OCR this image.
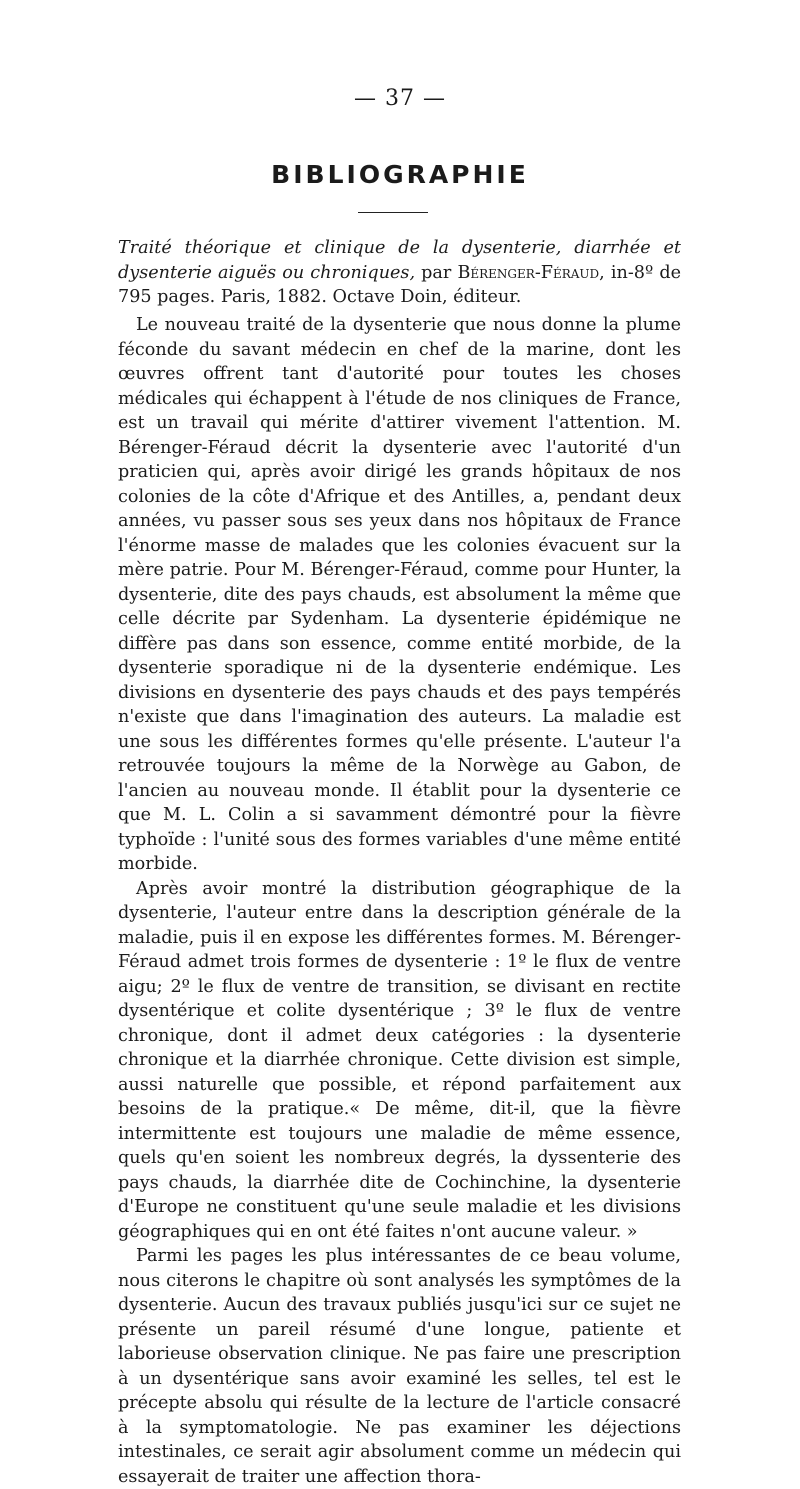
— 37 —
BIBLIOGRAPHIE

Traité théorique et clinique de la dysenterie, diarrhée et dysenterie aiguës ou chroniques, par Bérenger-Féraud, in-8º de 795 pages. Paris, 1882. Octave Doin, éditeur.

Le nouveau traité de la dysenterie que nous donne la plume féconde du savant médecin en chef de la marine, dont les œuvres offrent tant d'autorité pour toutes les choses médicales qui échappent à l'étude de nos cliniques de France, est un travail qui mérite d'attirer vivement l'attention. M. Bérenger-Féraud décrit la dysenterie avec l'autorité d'un praticien qui, après avoir dirigé les grands hôpitaux de nos colonies de la côte d'Afrique et des Antilles, a, pendant deux années, vu passer sous ses yeux dans nos hôpitaux de France l'énorme masse de malades que les colonies évacuent sur la mère patrie. Pour M. Bérenger-Féraud, comme pour Hunter, la dysenterie, dite des pays chauds, est absolument la même que celle décrite par Sydenham. La dysenterie épidémique ne diffère pas dans son essence, comme entité morbide, de la dysenterie sporadique ni de la dysenterie endémique. Les divisions en dysenterie des pays chauds et des pays tempérés n'existe que dans l'imagination des auteurs. La maladie est une sous les différentes formes qu'elle présente. L'auteur l'a retrouvée toujours la même de la Norwège au Gabon, de l'ancien au nouveau monde. Il établit pour la dysenterie ce que M. L. Colin a si savamment démontré pour la fièvre typhoïde : l'unité sous des formes variables d'une même entité morbide.

Après avoir montré la distribution géographique de la dysenterie, l'auteur entre dans la description générale de la maladie, puis il en expose les différentes formes. M. Bérenger-Féraud admet trois formes de dysenterie : 1º le flux de ventre aigu; 2º le flux de ventre de transition, se divisant en rectite dysentérique et colite dysentérique ; 3º le flux de ventre chronique, dont il admet deux catégories : la dysenterie chronique et la diarrhée chronique. Cette division est simple, aussi naturelle que possible, et répond parfaitement aux besoins de la pratique.« De même, dit-il, que la fièvre intermittente est toujours une maladie de même essence, quels qu'en soient les nombreux degrés, la dyssenterie des pays chauds, la diarrhée dite de Cochinchine, la dysenterie d'Europe ne constituent qu'une seule maladie et les divisions géographiques qui en ont été faites n'ont aucune valeur. »

Parmi les pages les plus intéressantes de ce beau volume, nous citerons le chapitre où sont analysés les symptômes de la dysenterie. Aucun des travaux publiés jusqu'ici sur ce sujet ne présente un pareil résumé d'une longue, patiente et laborieuse observation clinique. Ne pas faire une prescription à un dysentérique sans avoir examiné les selles, tel est le précepte absolu qui résulte de la lecture de l'article consacré à la symptomatologie. Ne pas examiner les déjections intestinales, ce serait agir absolument comme un médecin qui essayerait de traiter une affection thora-
